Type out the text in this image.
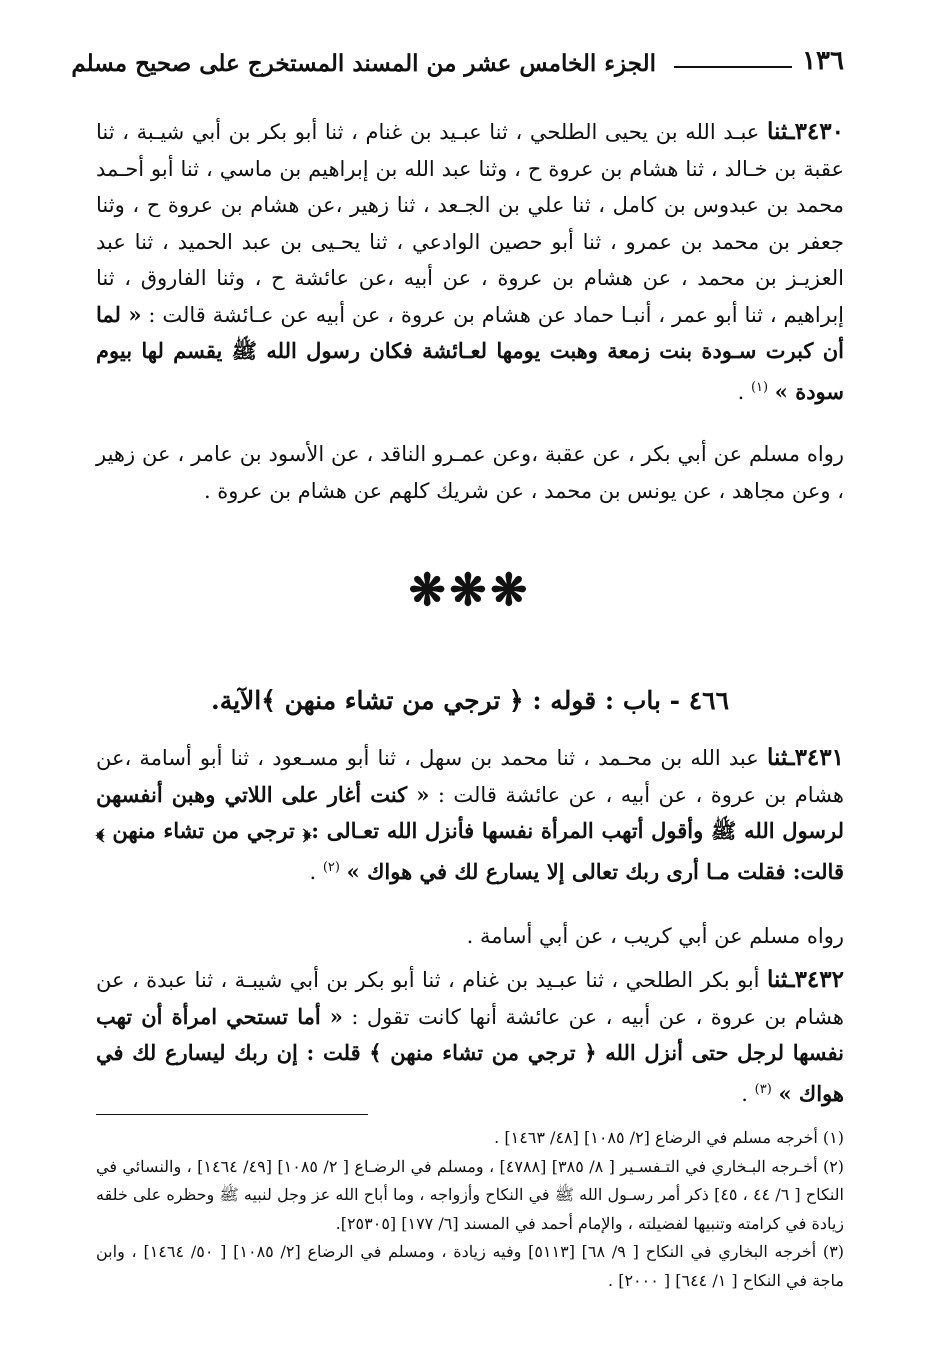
١٣٦
الجزء الخامس عشر من المسند المستخرج على صحيح مسلم
٣٤٣٠ـثنا عبـد الله بن يحيى الطلحي ، ثنا عبـيد بن غنام ، ثنا أبو بكر بن أبي شيـبة ، ثنا عقبة بن خـالد ، ثنا هشام بن عروة ح ، وثنا عبد الله بن إبراهيم بن ماسي ، ثنا أبو أحـمد محمد بن عبدوس بن كامل ، ثنا علي بن الجـعد ، ثنا زهير ،عن هشام بن عروة ح ، وثنا جعفر بن محمد بن عمرو ، ثنا أبو حصين الوادعي ، ثنا يحـيى بن عبد الحميد ، ثنا عبد العزيـز بن محمد ، عن هشام بن عروة ، عن أبيه ،عن عائشة ح ، وثنا الفاروق ، ثنا إبراهيم ، ثنا أبو عمر ، أنبـا حماد عن هشام بن عروة ، عن أبيه عن عـائشة قالت : « لما أن كبرت سـودة بنت زمعة وهبت يومها لعـائشة فكان رسول الله ﷺ يقسم لها بيوم سودة » $^{(١)}$ .
رواه مسلم عن أبي بكر ، عن عقبة ،وعن عمـرو الناقد ، عن الأسود بن عامر ، عن زهير ، وعن مجاهد ، عن يونس بن محمد ، عن شريك كلهم عن هشام بن عروة .
❋❋❋
٤٦٦ - باب : قوله : ﴿ ترجي من تشاء منهن ﴾الآية.
٣٤٣١ـثنا عبد الله بن محـمد ، ثنا محمد بن سهل ، ثنا أبو مسـعود ، ثنا أبو أسامة ،عن هشام بن عروة ، عن أبيه ، عن عائشة قالت : « كنت أغار على اللاتي وهبن أنفسهن لرسول الله ﷺ وأقول أتهب المرأة نفسها فأنزل الله تعـالى :﴿ ترجي من تشاء منهن ﴾ قالت: فقلت مـا أرى ربك تعالى إلا يسارع لك في هواك » $^{(٢)}$ .
رواه مسلم عن أبي كريب ، عن أبي أسامة .
٣٤٣٢ـثنا أبو بكر الطلحي ، ثنا عبـيد بن غنام ، ثنا أبو بكر بن أبي شيبـة ، ثنا عبدة ، عن هشام بن عروة ، عن أبيه ، عن عائشة أنها كانت تقول : « أما تستحي امرأة أن تهب نفسها لرجل حتى أنزل الله ﴿ ترجي من تشاء منهن ﴾ قلت : إن ربك ليسارع لك في هواك » $^{(٣)}$ .

(١) أخرجه مسلم في الرضاع [٢/ ١٠٨٥] [٤٨/ ١٤٦٣] .

(٢) أخـرجه البـخاري في التـفسـير [ ٨/ ٣٨٥] [٤٧٨٨] ، ومسلم في الرضـاع [ ٢/ ١٠٨٥] [٤٩/ ١٤٦٤] ، والنسائي في النكاح [ ٦/ ٤٤ ، ٤٥] ذكر أمر رسـول الله ﷺ في النكاح وأزواجه ، وما أباح الله عز وجل لنبيه ﷺ وحظره على خلقه زيادة في كرامته وتنبيها لفضيلته ، والإمام أحمد في المسند [٦/ ١٧٧] [٢٥٣٠٥].

(٣) أخرجه البخاري في النكاح [ ٩/ ٦٨] [٥١١٣] وفيه زيادة ، ومسلم في الرضاع [٢/ ١٠٨٥] [ ٥٠/ ١٤٦٤] ، وابن ماجة في النكاح [ ١/ ٦٤٤] [ ٢٠٠٠] .
